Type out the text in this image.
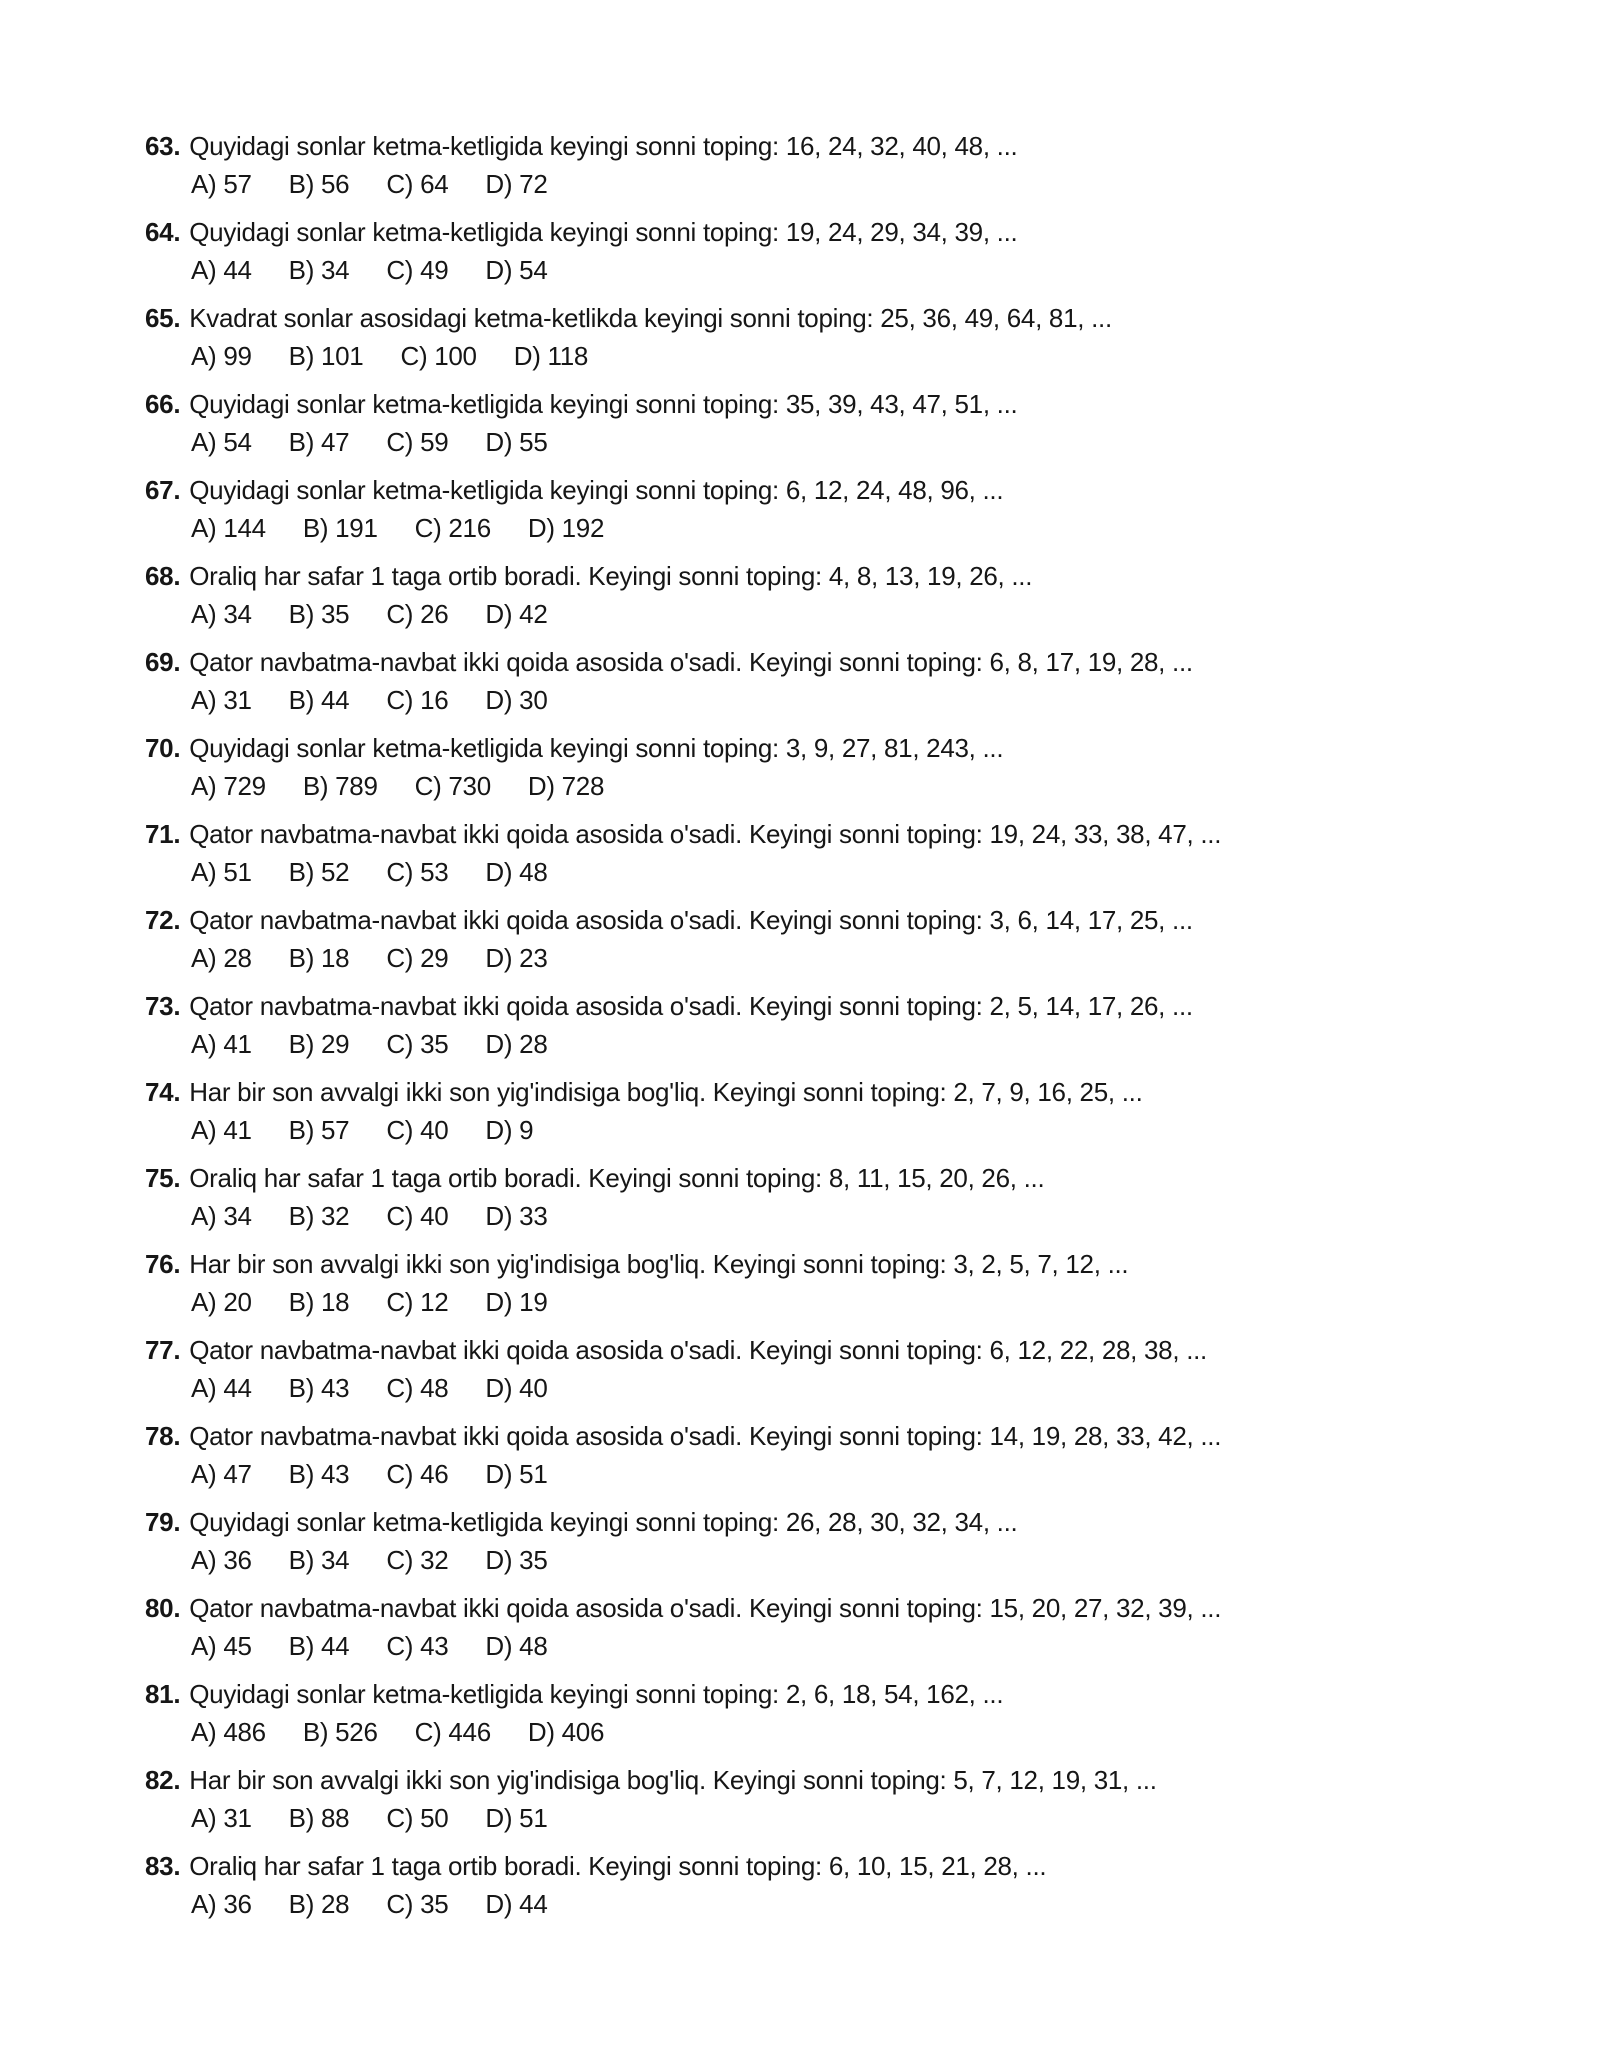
63. Quyidagi sonlar ketma-ketligida keyingi sonni toping: 16, 24, 32, 40, 48, ...
A) 57 B) 56 C) 64 D) 72
64. Quyidagi sonlar ketma-ketligida keyingi sonni toping: 19, 24, 29, 34, 39, ...
A) 44 B) 34 C) 49 D) 54
65. Kvadrat sonlar asosidagi ketma-ketlikda keyingi sonni toping: 25, 36, 49, 64, 81, ...
A) 99 B) 101 C) 100 D) 118
66. Quyidagi sonlar ketma-ketligida keyingi sonni toping: 35, 39, 43, 47, 51, ...
A) 54 B) 47 C) 59 D) 55
67. Quyidagi sonlar ketma-ketligida keyingi sonni toping: 6, 12, 24, 48, 96, ...
A) 144 B) 191 C) 216 D) 192
68. Oraliq har safar 1 taga ortib boradi. Keyingi sonni toping: 4, 8, 13, 19, 26, ...
A) 34 B) 35 C) 26 D) 42
69. Qator navbatma-navbat ikki qoida asosida o'sadi. Keyingi sonni toping: 6, 8, 17, 19, 28, ...
A) 31 B) 44 C) 16 D) 30
70. Quyidagi sonlar ketma-ketligida keyingi sonni toping: 3, 9, 27, 81, 243, ...
A) 729 B) 789 C) 730 D) 728
71. Qator navbatma-navbat ikki qoida asosida o'sadi. Keyingi sonni toping: 19, 24, 33, 38, 47, ...
A) 51 B) 52 C) 53 D) 48
72. Qator navbatma-navbat ikki qoida asosida o'sadi. Keyingi sonni toping: 3, 6, 14, 17, 25, ...
A) 28 B) 18 C) 29 D) 23
73. Qator navbatma-navbat ikki qoida asosida o'sadi. Keyingi sonni toping: 2, 5, 14, 17, 26, ...
A) 41 B) 29 C) 35 D) 28
74. Har bir son avvalgi ikki son yig'indisiga bog'liq. Keyingi sonni toping: 2, 7, 9, 16, 25, ...
A) 41 B) 57 C) 40 D) 9
75. Oraliq har safar 1 taga ortib boradi. Keyingi sonni toping: 8, 11, 15, 20, 26, ...
A) 34 B) 32 C) 40 D) 33
76. Har bir son avvalgi ikki son yig'indisiga bog'liq. Keyingi sonni toping: 3, 2, 5, 7, 12, ...
A) 20 B) 18 C) 12 D) 19
77. Qator navbatma-navbat ikki qoida asosida o'sadi. Keyingi sonni toping: 6, 12, 22, 28, 38, ...
A) 44 B) 43 C) 48 D) 40
78. Qator navbatma-navbat ikki qoida asosida o'sadi. Keyingi sonni toping: 14, 19, 28, 33, 42, ...
A) 47 B) 43 C) 46 D) 51
79. Quyidagi sonlar ketma-ketligida keyingi sonni toping: 26, 28, 30, 32, 34, ...
A) 36 B) 34 C) 32 D) 35
80. Qator navbatma-navbat ikki qoida asosida o'sadi. Keyingi sonni toping: 15, 20, 27, 32, 39, ...
A) 45 B) 44 C) 43 D) 48
81. Quyidagi sonlar ketma-ketligida keyingi sonni toping: 2, 6, 18, 54, 162, ...
A) 486 B) 526 C) 446 D) 406
82. Har bir son avvalgi ikki son yig'indisiga bog'liq. Keyingi sonni toping: 5, 7, 12, 19, 31, ...
A) 31 B) 88 C) 50 D) 51
83. Oraliq har safar 1 taga ortib boradi. Keyingi sonni toping: 6, 10, 15, 21, 28, ...
A) 36 B) 28 C) 35 D) 44
